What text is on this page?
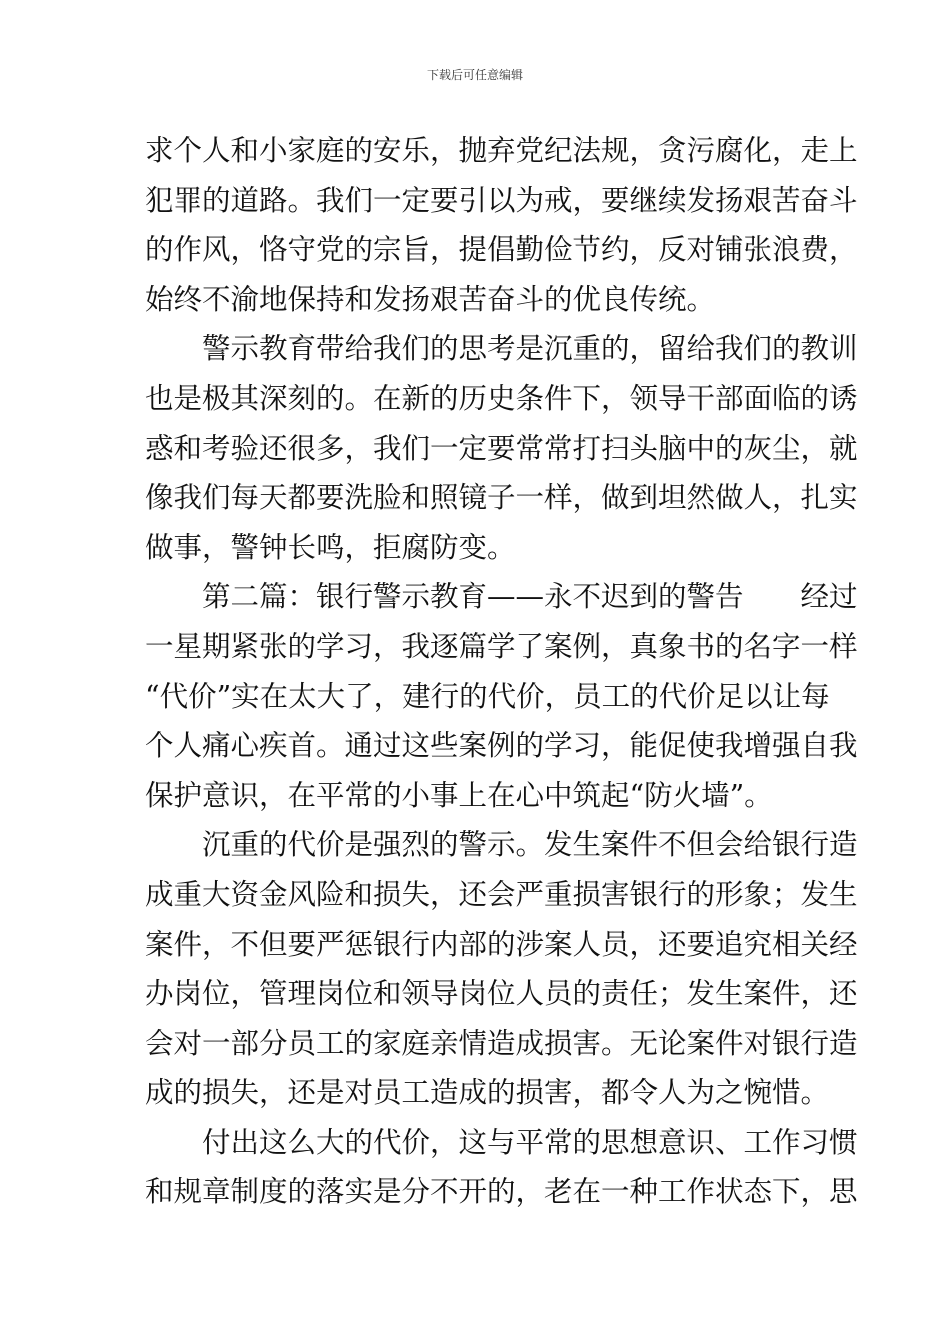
下载后可任意编辑
求个人和小家庭的安乐，抛弃党纪法规，贪污腐化，走上
犯罪的道路。我们一定要引以为戒，要继续发扬艰苦奋斗
的作风，恪守党的宗旨，提倡勤俭节约，反对铺张浪费，
始终不渝地保持和发扬艰苦奋斗的优良传统。
警示教育带给我们的思考是沉重的，留给我们的教训
也是极其深刻的。在新的历史条件下，领导干部面临的诱
惑和考验还很多，我们一定要常常打扫头脑中的灰尘，就
像我们每天都要洗脸和照镜子一样，做到坦然做人，扎实
做事，警钟长鸣，拒腐防变。
第二篇：银行警示教育——永不迟到的警告　　经过
一星期紧张的学习，我逐篇学了案例，真象书的名字一样
“代价”实在太大了，建行的代价，员工的代价足以让每
个人痛心疾首。通过这些案例的学习，能促使我增强自我
保护意识，在平常的小事上在心中筑起“防火墙”。
沉重的代价是强烈的警示。发生案件不但会给银行造
成重大资金风险和损失，还会严重损害银行的形象；发生
案件，不但要严惩银行内部的涉案人员，还要追究相关经
办岗位，管理岗位和领导岗位人员的责任；发生案件，还
会对一部分员工的家庭亲情造成损害。无论案件对银行造
成的损失，还是对员工造成的损害，都令人为之惋惜。
付出这么大的代价，这与平常的思想意识、工作习惯
和规章制度的落实是分不开的，老在一种工作状态下，思
